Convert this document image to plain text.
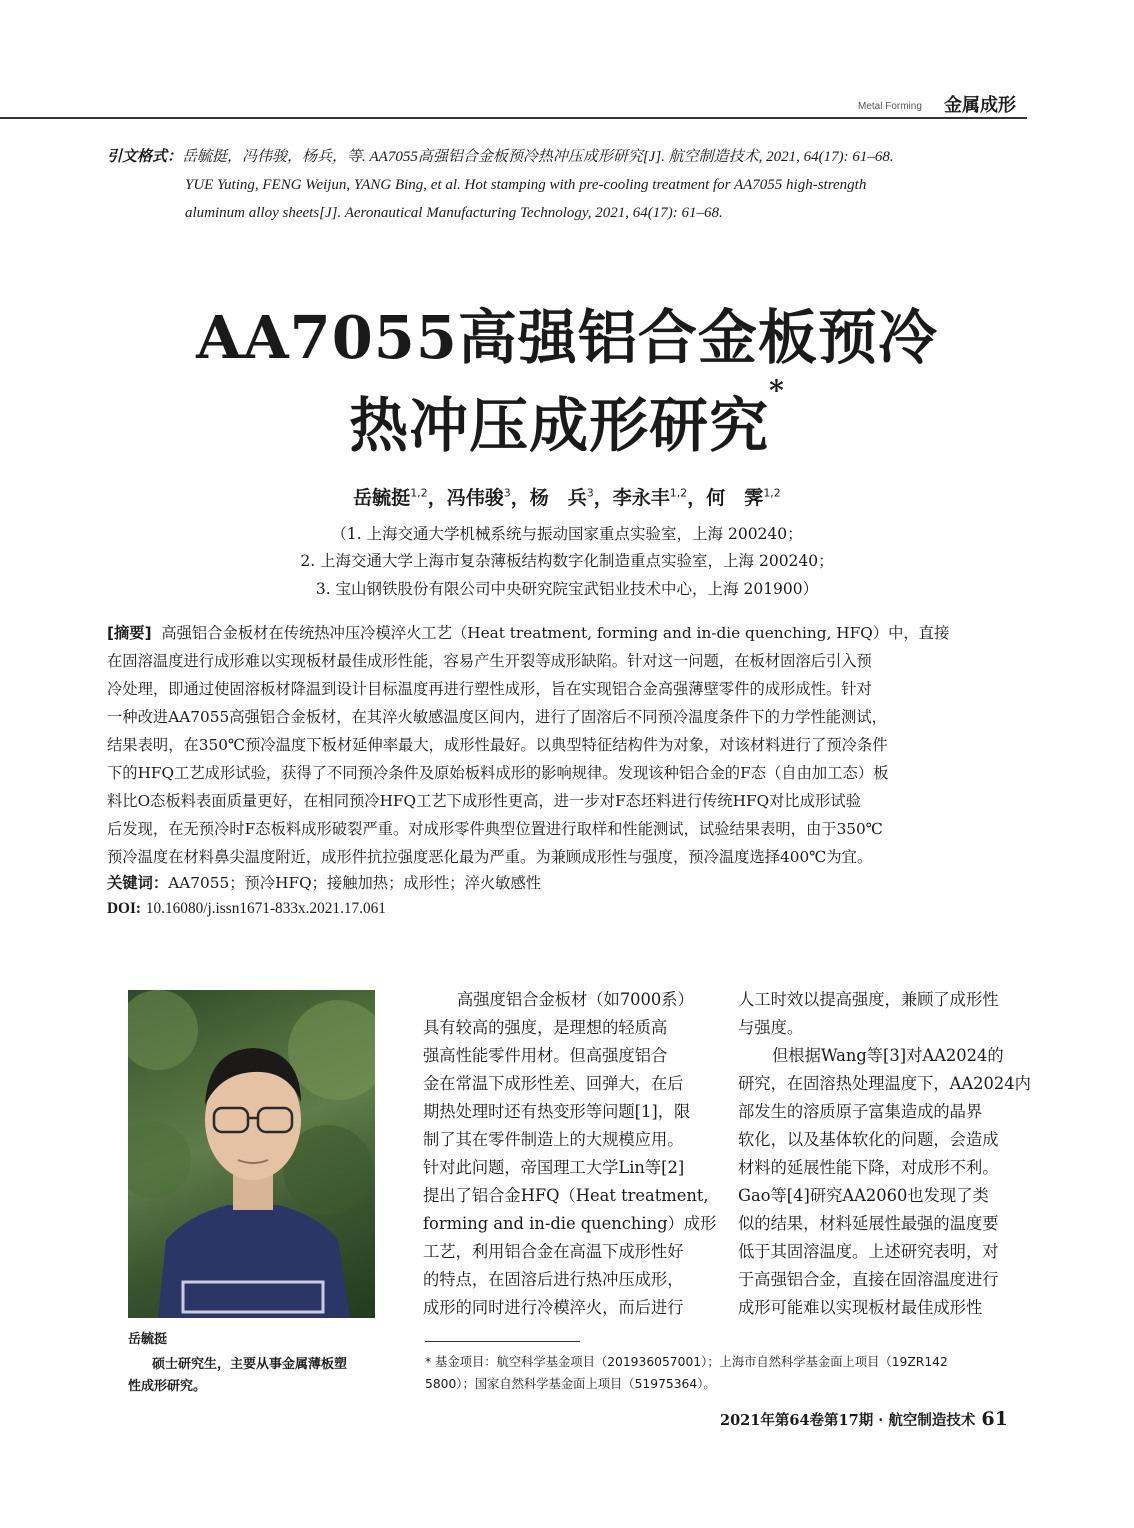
Metal Forming 金属成形
引文格式：岳毓挺，冯伟骏，杨兵，等. AA7055高强铝合金板预冷热冲压成形研究[J]. 航空制造技术, 2021, 64(17): 61–68.
YUE Yuting, FENG Weijun, YANG Bing, et al. Hot stamping with pre-cooling treatment for AA7055 high-strength
aluminum alloy sheets[J]. Aeronautical Manufacturing Technology, 2021, 64(17): 61–68.
AA7055高强铝合金板预冷
热冲压成形研究*
岳毓挺$^{1,2}$，冯伟骏$^3$，杨　兵$^3$，李永丰$^{1,2}$，何　霁$^{1,2}$
（1. 上海交通大学机械系统与振动国家重点实验室，上海 200240；
2. 上海交通大学上海市复杂薄板结构数字化制造重点实验室，上海 200240；
3. 宝山钢铁股份有限公司中央研究院宝武铝业技术中心，上海 201900）
[摘要] 高强铝合金板材在传统热冲压冷模淬火工艺（Heat treatment, forming and in-die quenching, HFQ）中，直接
在固溶温度进行成形难以实现板材最佳成形性能，容易产生开裂等成形缺陷。针对这一问题，在板材固溶后引入预
冷处理，即通过使固溶板材降温到设计目标温度再进行塑性成形，旨在实现铝合金高强薄壁零件的成形成性。针对
一种改进AA7055高强铝合金板材，在其淬火敏感温度区间内，进行了固溶后不同预冷温度条件下的力学性能测试，
结果表明，在350℃预冷温度下板材延伸率最大，成形性最好。以典型特征结构件为对象，对该材料进行了预冷条件
下的HFQ工艺成形试验，获得了不同预冷条件及原始板料成形的影响规律。发现该种铝合金的F态（自由加工态）板
料比O态板料表面质量更好，在相同预冷HFQ工艺下成形性更高，进一步对F态坯料进行传统HFQ对比成形试验
后发现，在无预冷时F态板料成形破裂严重。对成形零件典型位置进行取样和性能测试，试验结果表明，由于350℃
预冷温度在材料鼻尖温度附近，成形件抗拉强度恶化最为严重。为兼顾成形性与强度，预冷温度选择400℃为宜。
关键词：AA7055；预冷HFQ；接触加热；成形性；淬火敏感性
DOI: 10.16080/j.issn1671-833x.2021.17.061
岳毓挺
硕士研究生，主要从事金属薄板塑
性成形研究。
高强度铝合金板材（如7000系）
具有较高的强度，是理想的轻质高
强高性能零件用材。但高强度铝合
金在常温下成形性差、回弹大，在后
期热处理时还有热变形等问题[1]，限
制了其在零件制造上的大规模应用。
针对此问题，帝国理工大学Lin等[2]
提出了铝合金HFQ（Heat treatment,
forming and in-die quenching）成形
工艺，利用铝合金在高温下成形性好
的特点，在固溶后进行热冲压成形，
成形的同时进行冷模淬火，而后进行
人工时效以提高强度，兼顾了成形性
与强度。
但根据Wang等[3]对AA2024的
研究，在固溶热处理温度下，AA2024内
部发生的溶质原子富集造成的晶界
软化，以及基体软化的问题，会造成
材料的延展性能下降，对成形不利。
Gao等[4]研究AA2060也发现了类
似的结果，材料延展性最强的温度要
低于其固溶温度。上述研究表明，对
于高强铝合金，直接在固溶温度进行
成形可能难以实现板材最佳成形性
* 基金项目：航空科学基金项目（201936057001）；上海市自然科学基金面上项目（19ZR142
5800）；国家自然科学基金面上项目（51975364）。
2021年第64卷第17期 · 航空制造技术 61
